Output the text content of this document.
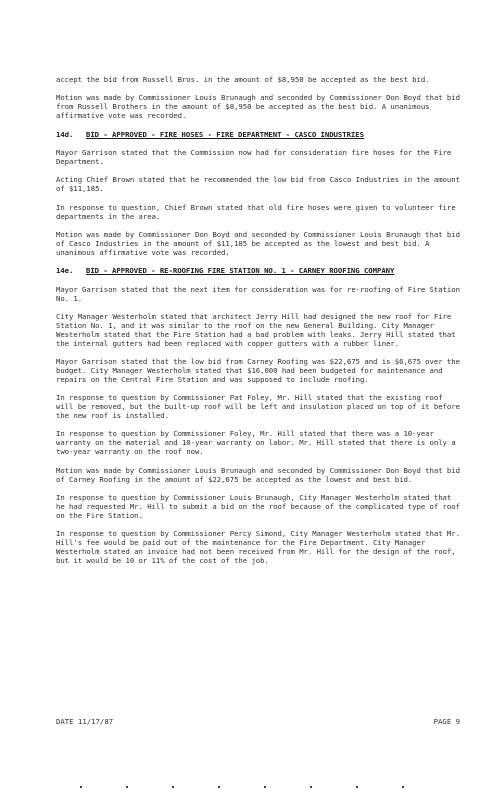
accept the bid from Russell Bros. in the amount of $8,950 be accepted as the best bid.

Motion was made by Commissioner Louis Brunaugh and seconded by Commissioner Don Boyd that bid from Russell Brothers in the amount of $8,950 be accepted as the best bid. A unanimous affirmative vote was recorded.

14d.	BID - APPROVED - FIRE HOSES - FIRE DEPARTMENT - CASCO INDUSTRIES

Mayor Garrison stated that the Commission now had for consideration fire hoses for the Fire Department.

Acting Chief Brown stated that he recommended the low bid from Casco Industries in the amount of $11,185.

In response to question, Chief Brown stated that old fire hoses were given to volunteer fire departments in the area.

Motion was made by Commissioner Don Boyd and seconded by Commissioner Louis Brunaugh that bid of Casco Industries in the amount of $11,185 be accepted as the lowest and best bid. A unanimous affirmative vote was recorded.

14e.	BID - APPROVED - RE-ROOFING FIRE STATION NO. 1 - CARNEY ROOFING COMPANY

Mayor Garrison stated that the next item for consideration was for re-roofing of Fire Station No. 1.

City Manager Westerholm stated that architect Jerry Hill had designed the new roof for Fire Station No. 1, and it was similar to the roof on the new General Building. City Manager Westerholm stated that the Fire Station had a bad problem with leaks. Jerry Hill stated that the internal gutters had been replaced with copper gutters with a rubber liner.

Mayor Garrison stated that the low bid from Carney Roofing was $22,675 and is $6,675 over the budget. City Manager Westerholm stated that $16,000 had been budgeted for maintenance and repairs on the Central Fire Station and was supposed to include roofing.

In response to question by Commissioner Pat Foley, Mr. Hill stated that the existing roof will be removed, but the built-up roof will be left and insulation placed on top of it before the new roof is installed.

In response to question by Commissioner Foley, Mr. Hill stated that there was a 10-year warranty on the material and 10-year warranty on labor. Mr. Hill stated that there is only a two-year warranty on the roof now.

Motion was made by Commissioner Louis Brunaugh and seconded by Commissioner Don Boyd that bid of Carney Roofing in the amount of $22,675 be accepted as the lowest and best bid.

In response to question by Commissioner Louis Brunaugh, City Manager Westerholm stated that he had requested Mr. Hill to submit a bid on the roof because of the complicated type of roof on the Fire Station.

In response to question by Commissioner Percy Simond, City Manager Westerholm stated that Mr. Hill's fee would be paid out of the maintenance for the Fire Department. City Manager Westerholm stated an invoice had not been received from Mr. Hill for the design of the roof, but it would be 10 or 11% of the cost of the job.

DATE 11/17/87	PAGE 9
